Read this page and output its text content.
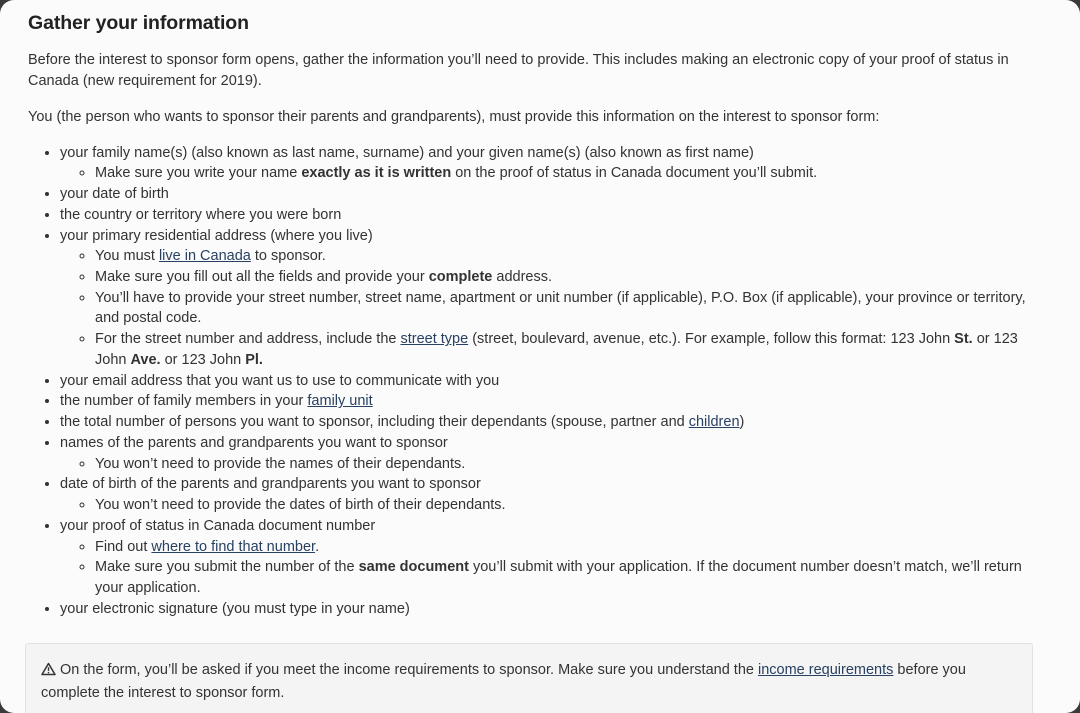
Gather your information

Before the interest to sponsor form opens, gather the information you’ll need to provide. This includes making an electronic copy of your proof of status in Canada (new requirement for 2019).

You (the person who wants to sponsor their parents and grandparents), must provide this information on the interest to sponsor form:

• your family name(s) (also known as last name, surname) and your given name(s) (also known as first name)
◦ Make sure you write your name exactly as it is written on the proof of status in Canada document you’ll submit.
• your date of birth
• the country or territory where you were born
• your primary residential address (where you live)
◦ You must live in Canada to sponsor.
◦ Make sure you fill out all the fields and provide your complete address.
◦ You’ll have to provide your street number, street name, apartment or unit number (if applicable), P.O. Box (if applicable), your province or territory, and postal code.
◦ For the street number and address, include the street type (street, boulevard, avenue, etc.). For example, follow this format: 123 John St. or 123 John Ave. or 123 John Pl.
• your email address that you want us to use to communicate with you
• the number of family members in your family unit
• the total number of persons you want to sponsor, including their dependants (spouse, partner and children)
• names of the parents and grandparents you want to sponsor
◦ You won’t need to provide the names of their dependants.
• date of birth of the parents and grandparents you want to sponsor
◦ You won’t need to provide the dates of birth of their dependants.
• your proof of status in Canada document number
◦ Find out where to find that number.
◦ Make sure you submit the number of the same document you’ll submit with your application. If the document number doesn’t match, we’ll return your application.
• your electronic signature (you must type in your name)

On the form, you’ll be asked if you meet the income requirements to sponsor. Make sure you understand the income requirements before you complete the interest to sponsor form.
